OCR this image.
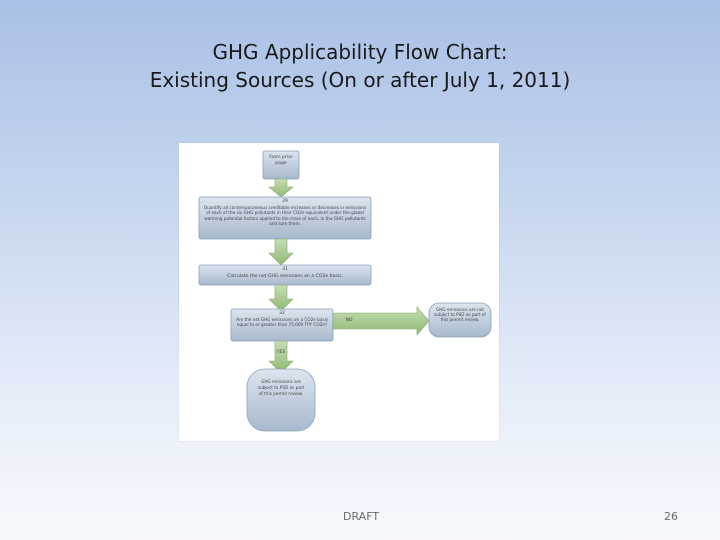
GHG Applicability Flow Chart:
Existing Sources (On or after July 1, 2011)
From prior page
29
Quantify all contemporaneous creditable increases or decreases in emissions of each of the six GHG pollutants in their CO2e equivalent under the global warming potential factors applied to the mass of each, in the GHG pollutants and sum them.
31
Calculate the net GHG emissions on a CO2e basis.
32
Are the net GHG emissions on a CO2e basis equal to or greater than 75,000 TPY CO2e?
NO
GHG emissions are not subject to PSD as part of this permit review.
YES
GHG emissions are subject to PSD as part of this permit review.
DRAFT	26
